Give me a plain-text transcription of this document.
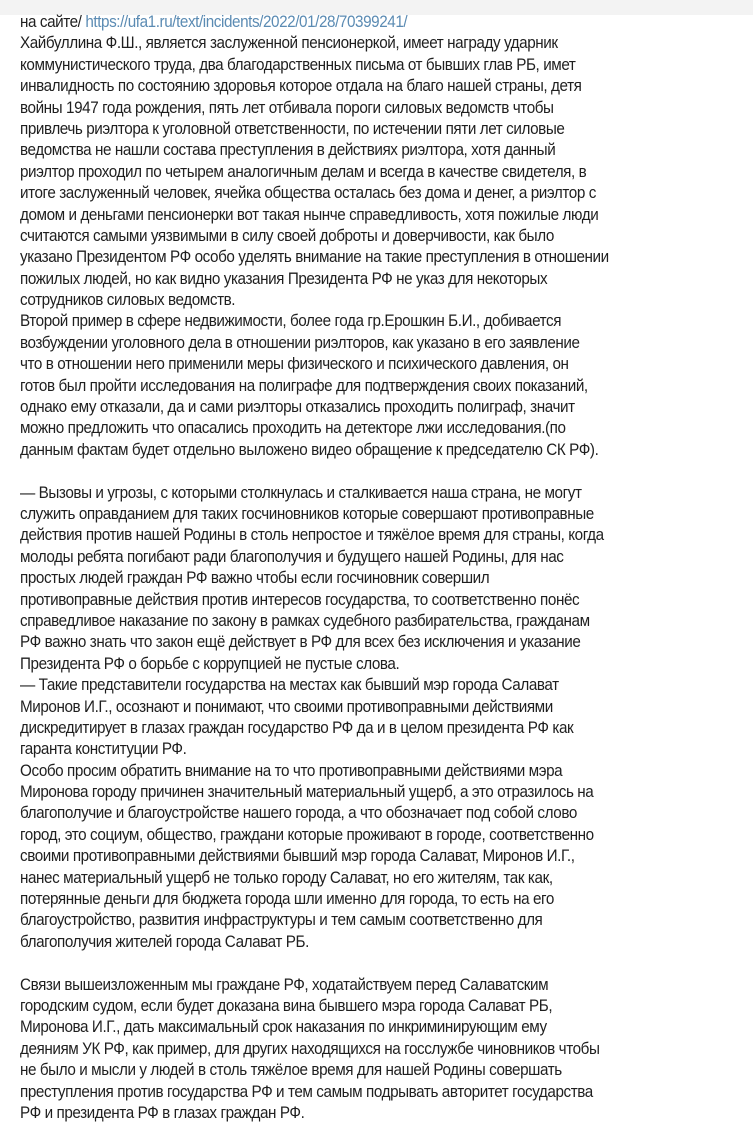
на сайте/ https://ufa1.ru/text/incidents/2022/01/28/70399241/
Хайбуллина Ф.Ш., является заслуженной пенсионеркой, имеет награду ударник
коммунистического труда, два благодарственных письма от бывших глав РБ, имет
инвалидность по состоянию здоровья которое отдала на благо нашей страны, детя
войны 1947 года рождения, пять лет отбивала пороги силовых ведомств чтобы
привлечь риэлтора к уголовной ответственности, по истечении пяти лет силовые
ведомства не нашли состава преступления в действиях риэлтора, хотя данный
риэлтор проходил по четырем аналогичным делам и всегда в качестве свидетеля, в
итоге заслуженный человек, ячейка общества осталась без дома и денег, а риэлтор с
домом и деньгами пенсионерки вот такая нынче справедливость, хотя пожилые люди
считаются самыми уязвимыми в силу своей доброты и доверчивости, как было
указано Президентом РФ особо уделять внимание на такие преступления в отношении
пожилых людей, но как видно указания Президента РФ не указ для некоторых
сотрудников силовых ведомств.
Второй пример в сфере недвижимости, более года гр.Ерошкин Б.И., добивается
возбуждении уголовного дела в отношении риэлторов, как указано в его заявление
что в отношении него применили меры физического и психического давления, он
готов был пройти исследования на полиграфе для подтверждения своих показаний,
однако ему отказали, да и сами риэлторы отказались проходить полиграф, значит
можно предложить что опасались проходить на детекторе лжи исследования.(по
данным фактам будет отдельно выложено видео обращение к председателю СК РФ).
— Вызовы и угрозы, с которыми столкнулась и сталкивается наша страна, не могут
служить оправданием для таких госчиновников которые совершают противоправные
действия против нашей Родины в столь непростое и тяжёлое время для страны, когда
молоды ребята погибают ради благополучия и будущего нашей Родины, для нас
простых людей граждан РФ важно чтобы если госчиновник совершил
противоправные действия против интересов государства, то соответственно понёс
справедливое наказание по закону в рамках судебного разбирательства, гражданам
РФ важно знать что закон ещё действует в РФ для всех без исключения и указание
Президента РФ о борьбе с коррупцией не пустые слова.
— Такие представители государства на местах как бывший мэр города Салават
Миронов И.Г., осознают и понимают, что своими противоправными действиями
дискредитирует в глазах граждан государство РФ да и в целом президента РФ как
гаранта конституции РФ.
Особо просим обратить внимание на то что противоправными действиями мэра
Миронова городу причинен значительный материальный ущерб, а это отразилось на
благополучие и благоустройстве нашего города, а что обозначает под собой слово
город, это социум, общество, граждани которые проживают в городе, соответственно
своими противоправными действиями бывший мэр города Салават, Миронов И.Г.,
нанес материальный ущерб не только городу Салават, но его жителям, так как,
потерянные деньги для бюджета города шли именно для города, то есть на его
благоустройство, развития инфраструктуры и тем самым соответственно для
благополучия жителей города Салават РБ.
Связи вышеизложенным мы граждане РФ, ходатайствуем перед Салаватским
городским судом, если будет доказана вина бывшего мэра города Салават РБ,
Миронова И.Г., дать максимальный срок наказания по инкриминирующим ему
деяниям УК РФ, как пример, для других находящихся на госслужбе чиновников чтобы
не было и мысли у людей в столь тяжёлое время для нашей Родины совершать
преступления против государства РФ и тем самым подрывать авторитет государства
РФ и президента РФ в глазах граждан РФ.
